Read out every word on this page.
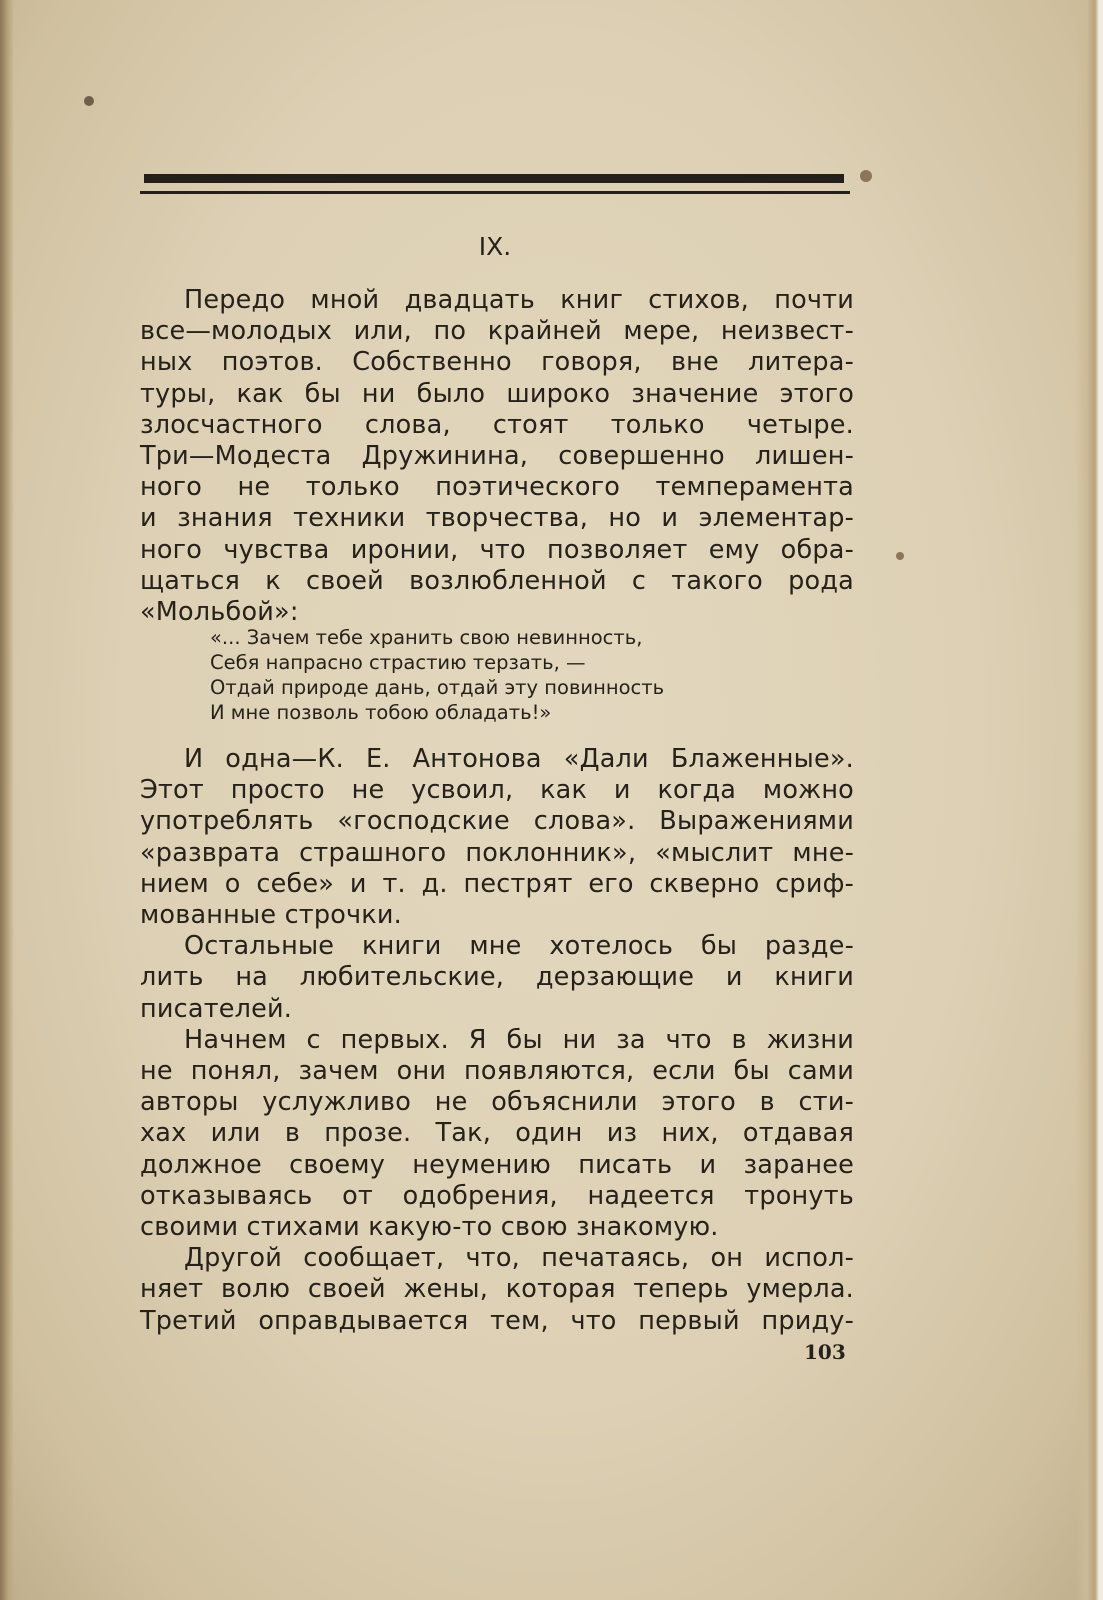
IX.

Передо мной двадцать книг стихов, почти
все—молодых или, по крайней мере, неизвест-
ных поэтов. Собственно говоря, вне литера-
туры, как бы ни было широко значение этого
злосчастного слова, стоят только четыре.
Три—Модеста Дружинина, совершенно лишен-
ного не только поэтического темперамента
и знания техники творчества, но и элементар-
ного чувства иронии, что позволяет ему обра-
щаться к своей возлюбленной с такого рода
«Мольбой»:

«... Зачем тебе хранить свою невинность,
Себя напрасно страстию терзать, —
Отдай природе дань, отдай эту повинность
И мне позволь тобою обладать!»

И одна—К. Е. Антонова «Дали Блаженные».
Этот просто не усвоил, как и когда можно
употреблять «господские слова». Выражениями
«разврата страшного поклонник», «мыслит мне-
нием о себе» и т. д. пестрят его скверно сриф-
мованные строчки.

Остальные книги мне хотелось бы разде-
лить на любительские, дерзающие и книги
писателей.

Начнем с первых. Я бы ни за что в жизни
не понял, зачем они появляются, если бы сами
авторы услужливо не объяснили этого в сти-
хах или в прозе. Так, один из них, отдавая
должное своему неумению писать и заранее
отказываясь от одобрения, надеется тронуть
своими стихами какую-то свою знакомую.

Другой сообщает, что, печатаясь, он испол-
няет волю своей жены, которая теперь умерла.
Третий оправдывается тем, что первый приду-

103
